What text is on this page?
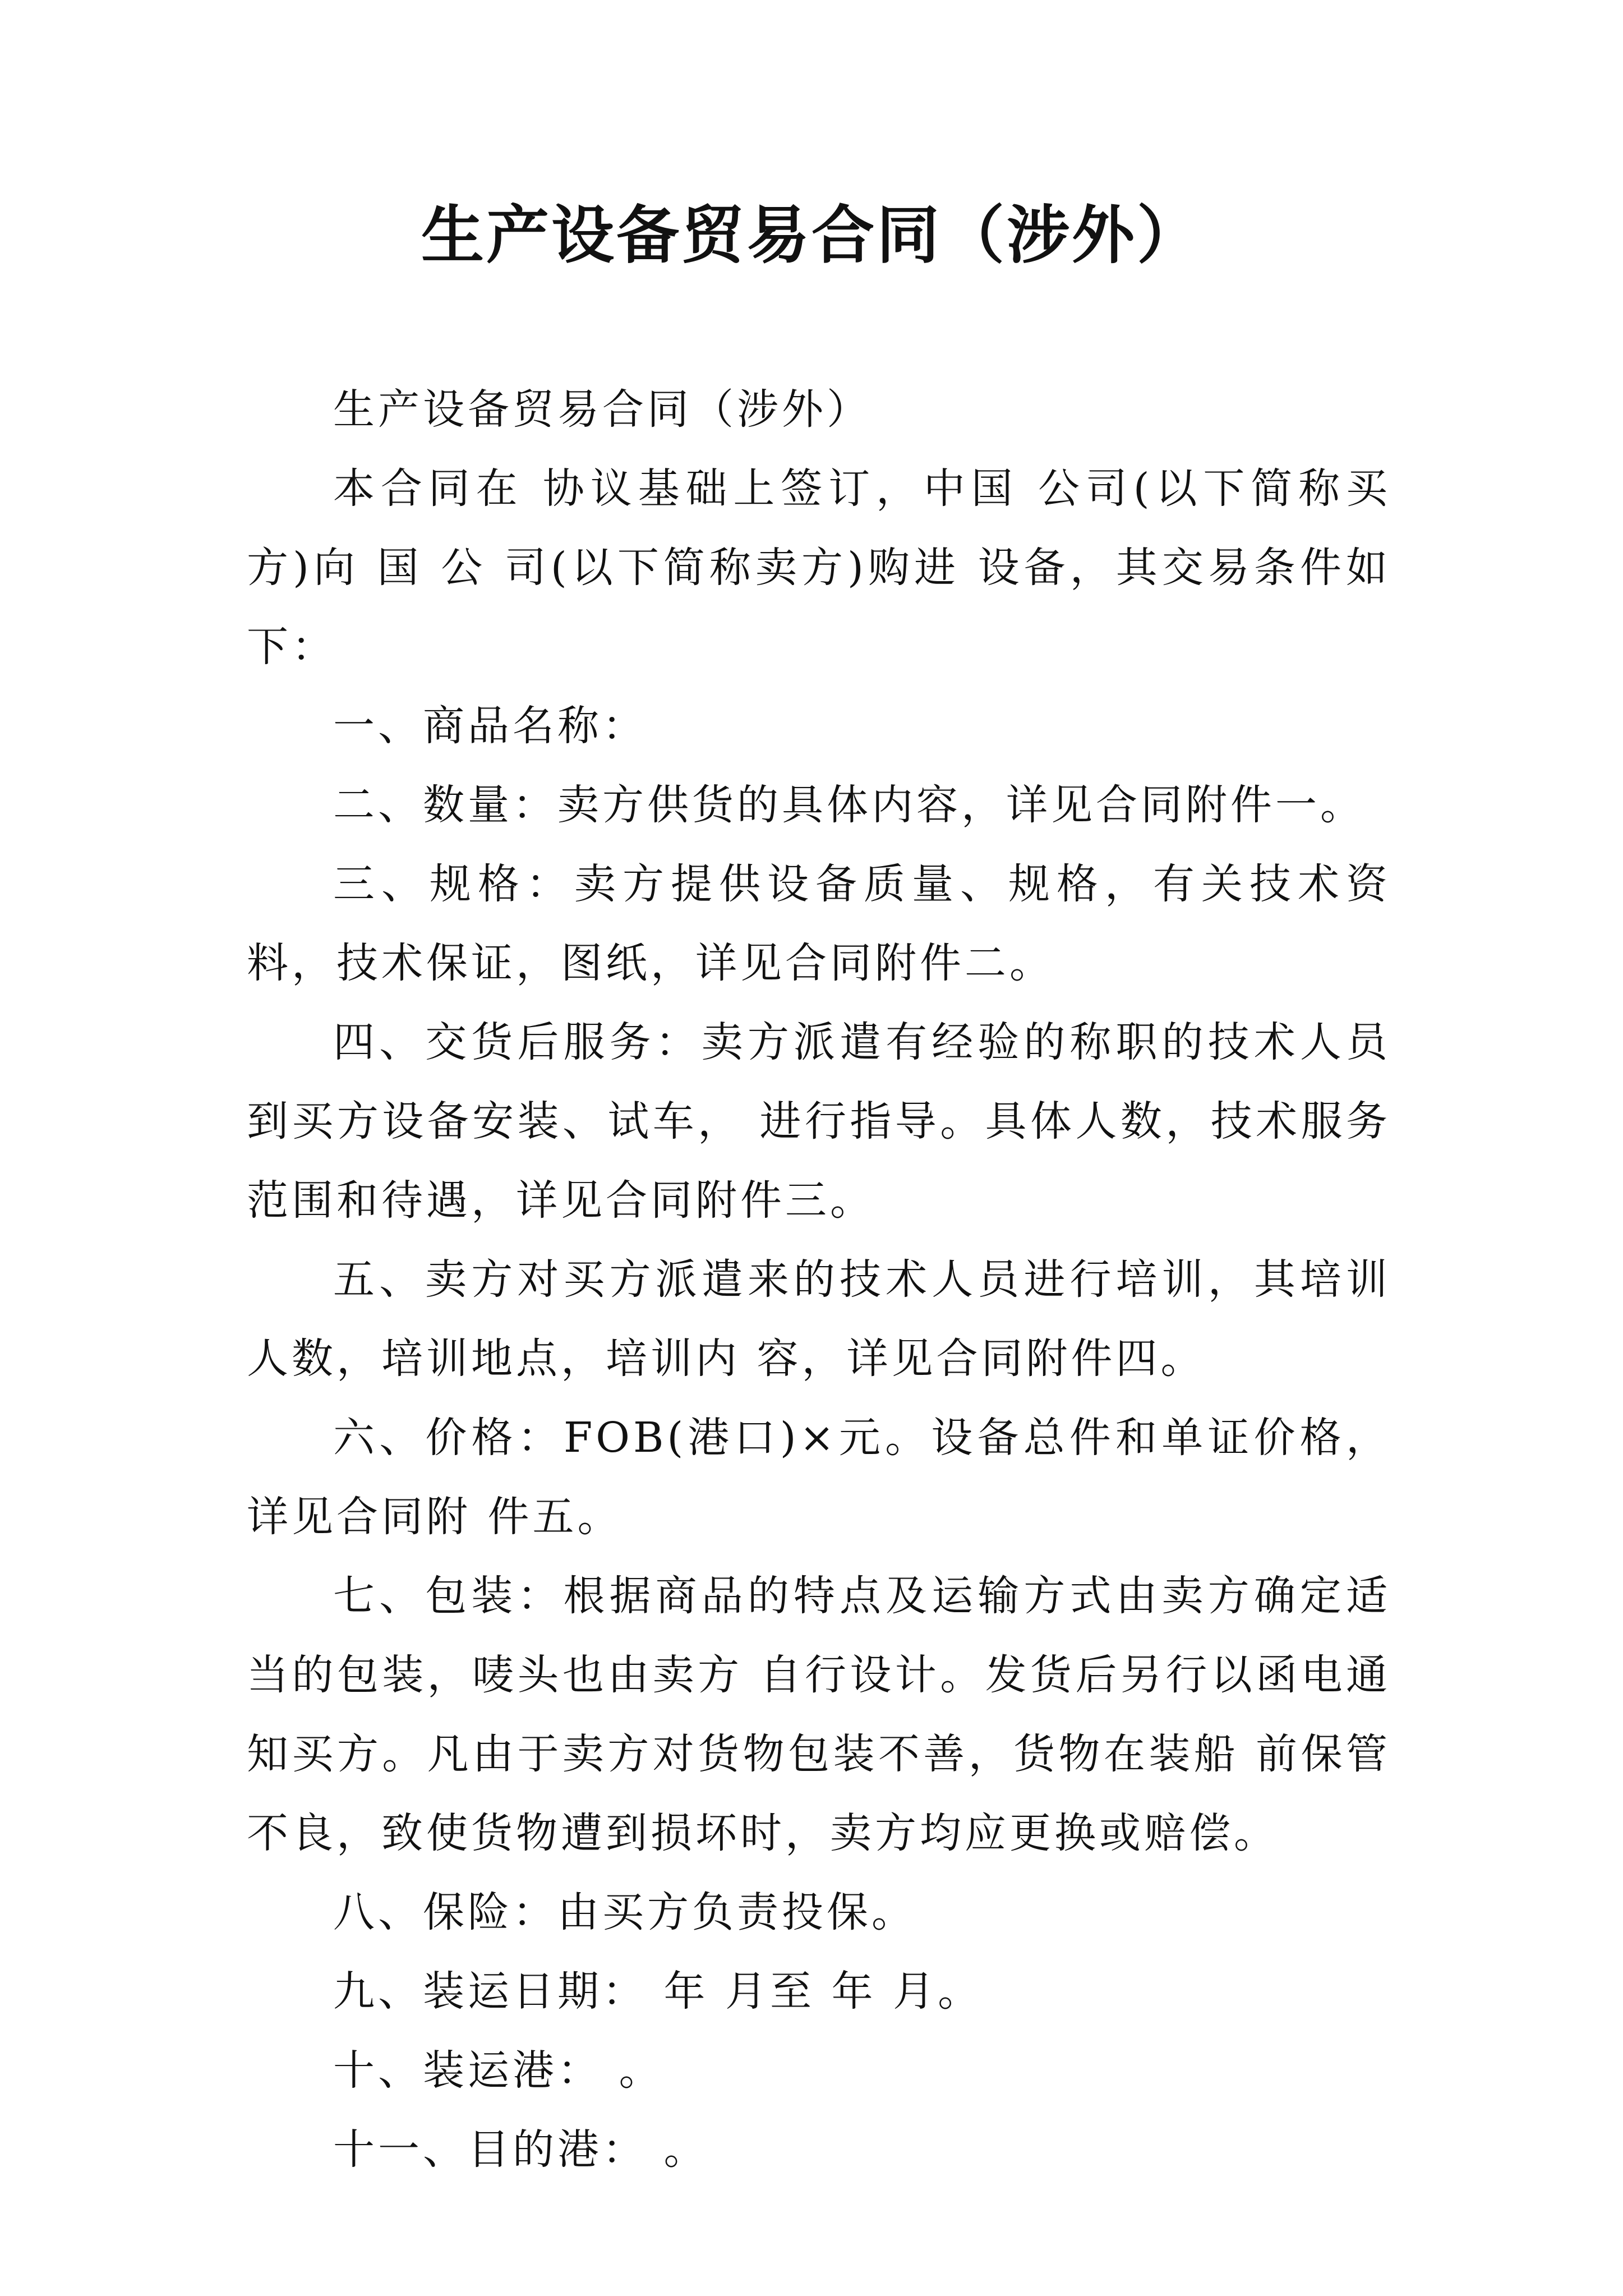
生产设备贸易合同（涉外）

生产设备贸易合同（涉外）

本合同在 协议基础上签订，中国 公司(以下简称买方)向 国 公 司(以下简称卖方)购进 设备，其交易条件如下：

一、商品名称：

二、数量：卖方供货的具体内容，详见合同附件一。

三、规格：卖方提供设备质量、规格，有关技术资料，技术保证，图纸，详见合同附件二。

四、交货后服务：卖方派遣有经验的称职的技术人员到买方设备安装、试车， 进行指导。具体人数，技术服务范围和待遇，详见合同附件三。

五、卖方对买方派遣来的技术人员进行培训，其培训人数，培训地点，培训内 容，详见合同附件四。

六、价格：FOB(港口)×元。设备总件和单证价格，详见合同附 件五。

七、包装：根据商品的特点及运输方式由卖方确定适当的包装，唛头也由卖方 自行设计。发货后另行以函电通知买方。凡由于卖方对货物包装不善，货物在装船 前保管不良，致使货物遭到损坏时，卖方均应更换或赔偿。

八、保险：由买方负责投保。

九、装运日期： 年 月至 年 月。

十、装运港： 。

十一、目的港： 。
